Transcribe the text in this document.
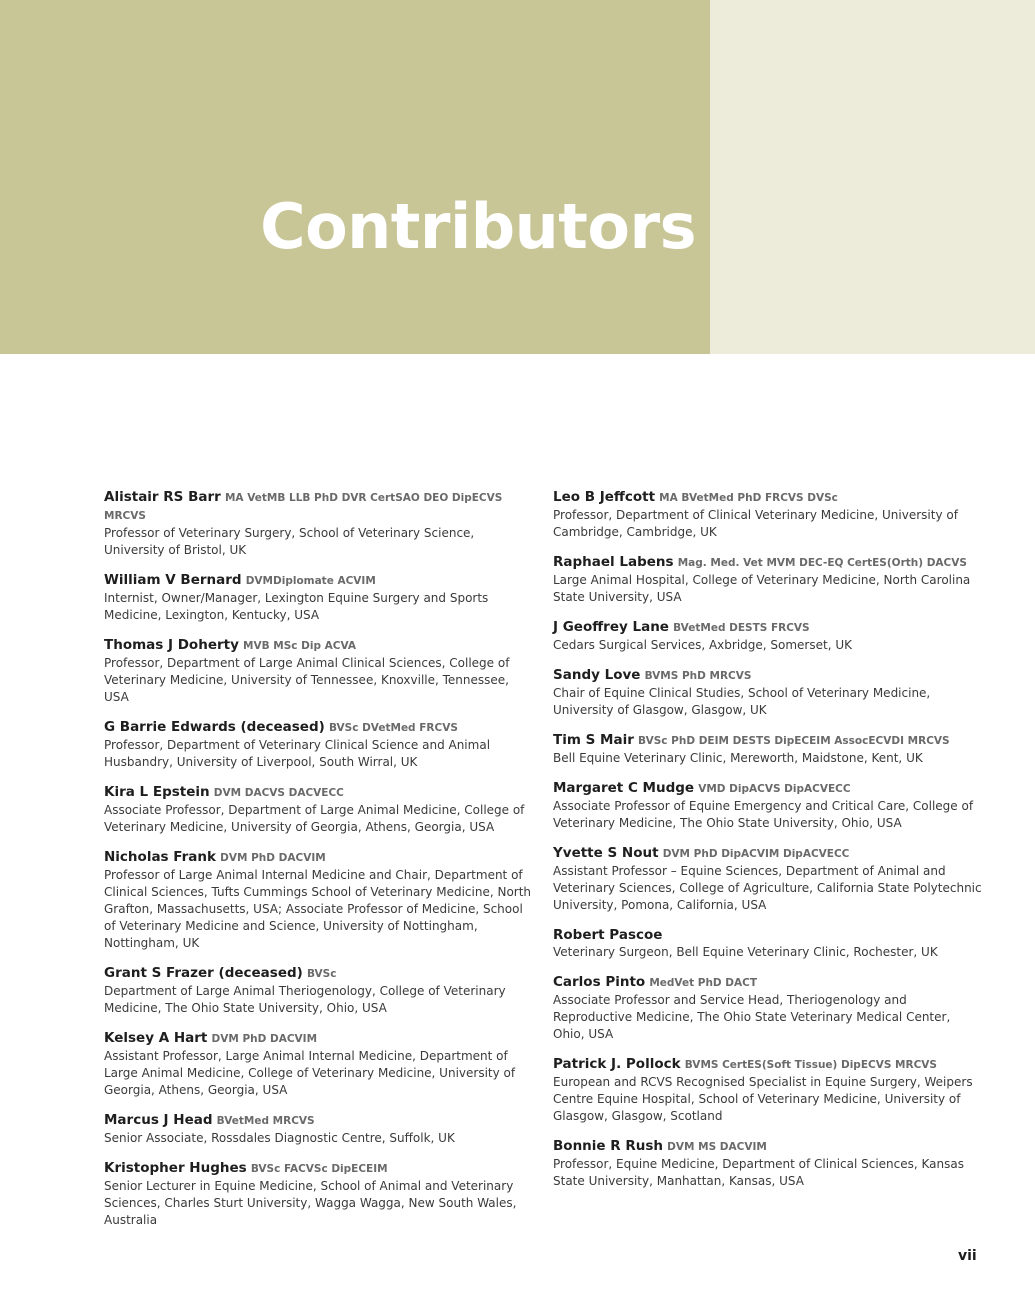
Contributors
Alistair RS Barr MA VetMB LLB PhD DVR CertSAO DEO DipECVS MRCVS
Professor of Veterinary Surgery, School of Veterinary Science, University of Bristol, UK
William V Bernard DVMDiplomate ACVIM
Internist, Owner/Manager, Lexington Equine Surgery and Sports Medicine, Lexington, Kentucky, USA
Thomas J Doherty MVB MSc Dip ACVA
Professor, Department of Large Animal Clinical Sciences, College of Veterinary Medicine, University of Tennessee, Knoxville, Tennessee, USA
G Barrie Edwards (deceased) BVSc DVetMed FRCVS
Professor, Department of Veterinary Clinical Science and Animal Husbandry, University of Liverpool, South Wirral, UK
Kira L Epstein DVM DACVS DACVECC
Associate Professor, Department of Large Animal Medicine, College of Veterinary Medicine, University of Georgia, Athens, Georgia, USA
Nicholas Frank DVM PhD DACVIM
Professor of Large Animal Internal Medicine and Chair, Department of Clinical Sciences, Tufts Cummings School of Veterinary Medicine, North Grafton, Massachusetts, USA; Associate Professor of Medicine, School of Veterinary Medicine and Science, University of Nottingham, Nottingham, UK
Grant S Frazer (deceased) BVSc
Department of Large Animal Theriogenology, College of Veterinary Medicine, The Ohio State University, Ohio, USA
Kelsey A Hart DVM PhD DACVIM
Assistant Professor, Large Animal Internal Medicine, Department of Large Animal Medicine, College of Veterinary Medicine, University of Georgia, Athens, Georgia, USA
Marcus J Head BVetMed MRCVS
Senior Associate, Rossdales Diagnostic Centre, Suffolk, UK
Kristopher Hughes BVSc FACVSc DipECEIM
Senior Lecturer in Equine Medicine, School of Animal and Veterinary Sciences, Charles Sturt University, Wagga Wagga, New South Wales, Australia
Leo B Jeffcott MA BVetMed PhD FRCVS DVSc
Professor, Department of Clinical Veterinary Medicine, University of Cambridge, Cambridge, UK
Raphael Labens Mag. Med. Vet MVM DEC-EQ CertES(Orth) DACVS
Large Animal Hospital, College of Veterinary Medicine, North Carolina State University, USA
J Geoffrey Lane BVetMed DESTS FRCVS
Cedars Surgical Services, Axbridge, Somerset, UK
Sandy Love BVMS PhD MRCVS
Chair of Equine Clinical Studies, School of Veterinary Medicine, University of Glasgow, Glasgow, UK
Tim S Mair BVSc PhD DEIM DESTS DipECEIM AssocECVDI MRCVS
Bell Equine Veterinary Clinic, Mereworth, Maidstone, Kent, UK
Margaret C Mudge VMD DipACVS DipACVECC
Associate Professor of Equine Emergency and Critical Care, College of Veterinary Medicine, The Ohio State University, Ohio, USA
Yvette S Nout DVM PhD DipACVIM DipACVECC
Assistant Professor – Equine Sciences, Department of Animal and Veterinary Sciences, College of Agriculture, California State Polytechnic University, Pomona, California, USA
Robert Pascoe
Veterinary Surgeon, Bell Equine Veterinary Clinic, Rochester, UK
Carlos Pinto MedVet PhD DACT
Associate Professor and Service Head, Theriogenology and Reproductive Medicine, The Ohio State Veterinary Medical Center, Ohio, USA
Patrick J. Pollock BVMS CertES(Soft Tissue) DipECVS MRCVS
European and RCVS Recognised Specialist in Equine Surgery, Weipers Centre Equine Hospital, School of Veterinary Medicine, University of Glasgow, Glasgow, Scotland
Bonnie R Rush DVM MS DACVIM
Professor, Equine Medicine, Department of Clinical Sciences, Kansas State University, Manhattan, Kansas, USA
vii
